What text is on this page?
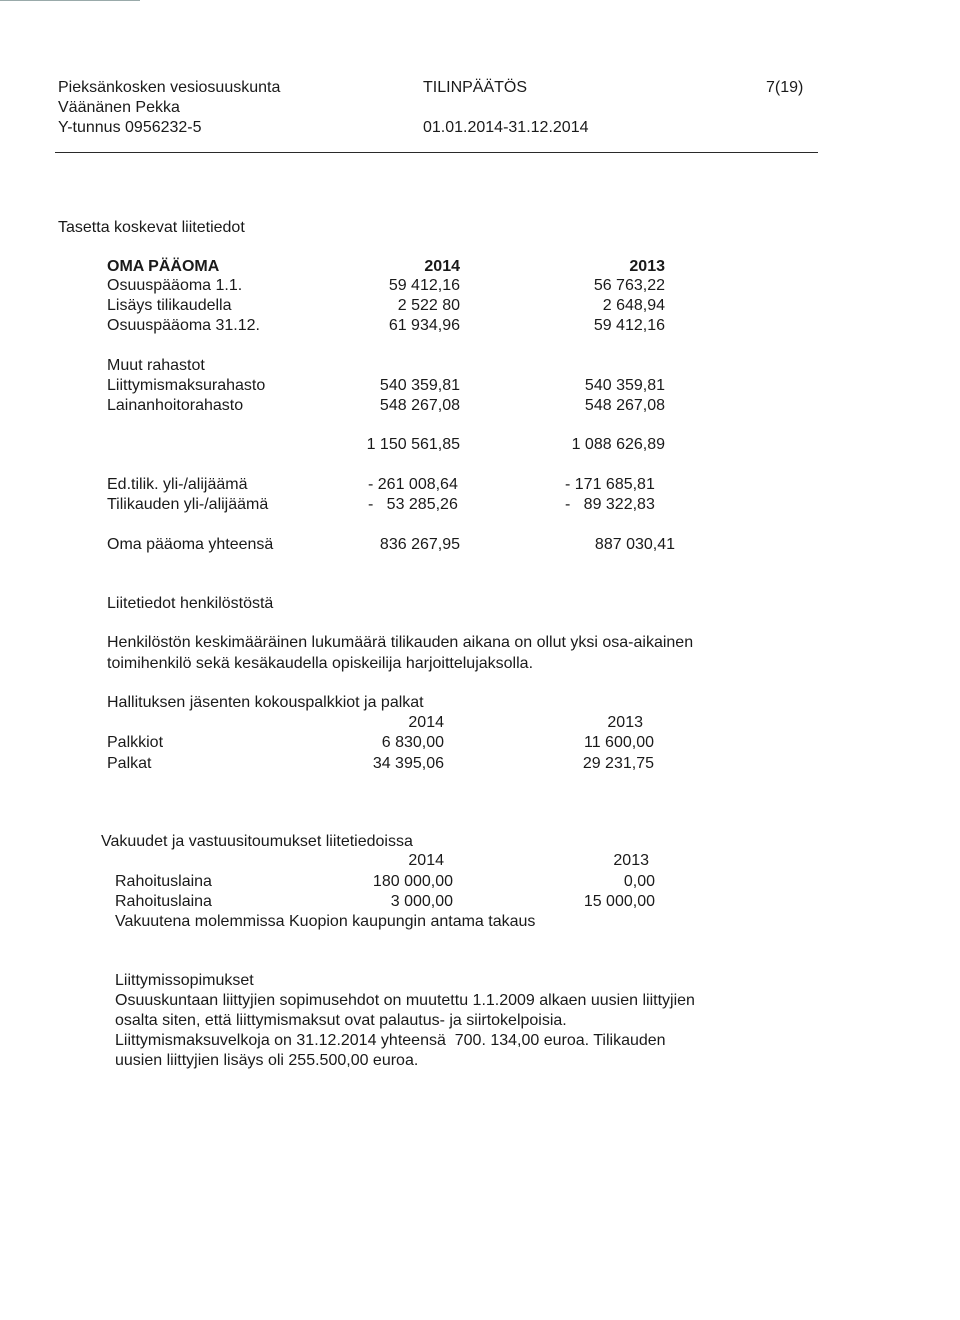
Pieksänkosken vesiosuuskunta
Väänänen Pekka
Y-tunnus 0956232-5
TILINPÄÄTÖS
01.01.2014-31.12.2014
7(19)
Tasetta koskevat liitetiedot
OMA PÄÄOMA	2014	2013
Osuuspääoma 1.1.	59 412,16	56 763,22
Lisäys tilikaudella	2 522 80	2 648,94
Osuuspääoma 31.12.	61 934,96	59 412,16
Muut rahastot
Liittymismaksurahasto	540 359,81	540 359,81
Lainanhoitorahasto	548 267,08	548 267,08
1 150 561,85	1 088 626,89
Ed.tilik. yli-/alijäämä	- 261 008,64	- 171 685,81
Tilikauden yli-/alijäämä	-   53 285,26	-   89 322,83
Oma pääoma yhteensä	836 267,95	887 030,41
Liitetiedot henkilöstöstä
Henkilöstön keskimääräinen lukumäärä tilikauden aikana on ollut yksi osa-aikainen
toimihenkilö sekä kesäkaudella opiskeilija harjoittelujaksolla.
Hallituksen jäsenten kokouspalkkiot ja palkat
2014	2013
Palkkiot	6 830,00	11 600,00
Palkat	34 395,06	29 231,75
Vakuudet ja vastuusitoumukset liitetiedoissa
2014	2013
Rahoituslaina	180 000,00	0,00
Rahoituslaina	3 000,00	15 000,00
Vakuutena molemmissa Kuopion kaupungin antama takaus
Liittymissopimukset
Osuuskuntaan liittyjien sopimusehdot on muutettu 1.1.2009 alkaen uusien liittyjien
osalta siten, että liittymismaksut ovat palautus- ja siirtokelpoisia.
Liittymismaksuvelkoja on 31.12.2014 yhteensä  700. 134,00 euroa. Tilikauden
uusien liittyjien lisäys oli 255.500,00 euroa.
